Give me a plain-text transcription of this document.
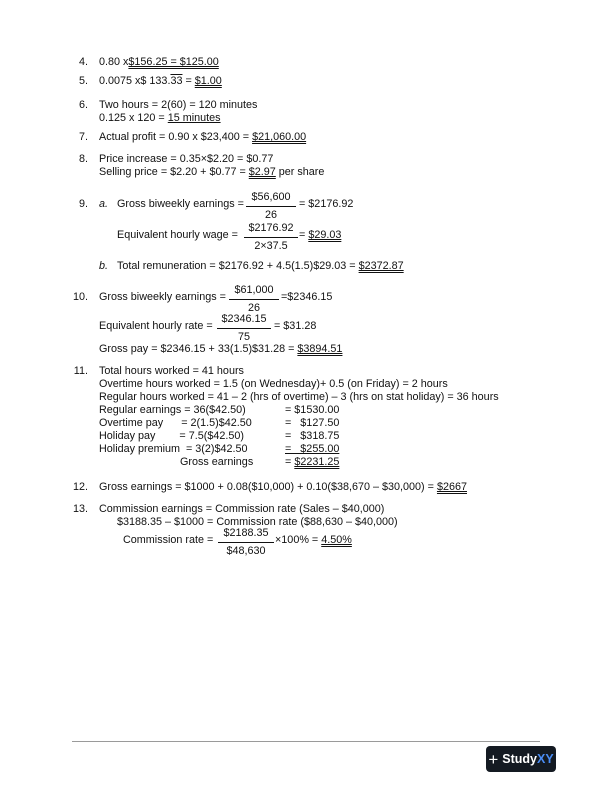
4. 0.80 x$156.25 = $125.00
5. 0.0075 x$ 133.33 = $1.00
6. Two hours = 2(60) = 120 minutes
0.125 x 120 = 15 minutes
7. Actual profit = 0.90 x $23,400 = $21,060.00
8. Price increase = 0.35×$2.20 = $0.77
Selling price = $2.20 + $0.77 = $2.97 per share
9. a. Gross biweekly earnings = $\frac{\$56,600}{26}$ = $2176.92
Equivalent hourly wage = $\frac{\$2176.92}{2\times 37.5}$ = $29.03
b. Total remuneration = $2176.92 + 4.5(1.5)$29.03 = $2372.87
10. Gross biweekly earnings = $\frac{\$61,000}{26}$ =$2346.15
Equivalent hourly rate = $\frac{\$2346.15}{75}$ = $31.28
Gross pay = $2346.15 + 33(1.5)$31.28 = $3894.51
11. Total hours worked = 41 hours
Overtime hours worked = 1.5 (on Wednesday)+ 0.5 (on Friday) = 2 hours
Regular hours worked = 41 – 2 (hrs of overtime) – 3 (hrs on stat holiday) = 36 hours
Regular earnings = 36($42.50)	= $1530.00
Overtime pay      = 2(1.5)$42.50	=   $127.50
Holiday pay        = 7.5($42.50)	=   $318.75
Holiday premium  = 3(2)$42.50	=   $255.00
Gross earnings	= $2231.25
12. Gross earnings = $1000 + 0.08($10,000) + 0.10($38,670 – $30,000) = $2667
13. Commission earnings = Commission rate (Sales – $40,000)
$3188.35 – $1000 = Commission rate ($88,630 – $40,000)
Commission rate = $\frac{\$2188.35}{\$48,630} \times 100\% = 4.50\%$
+ StudyXY
